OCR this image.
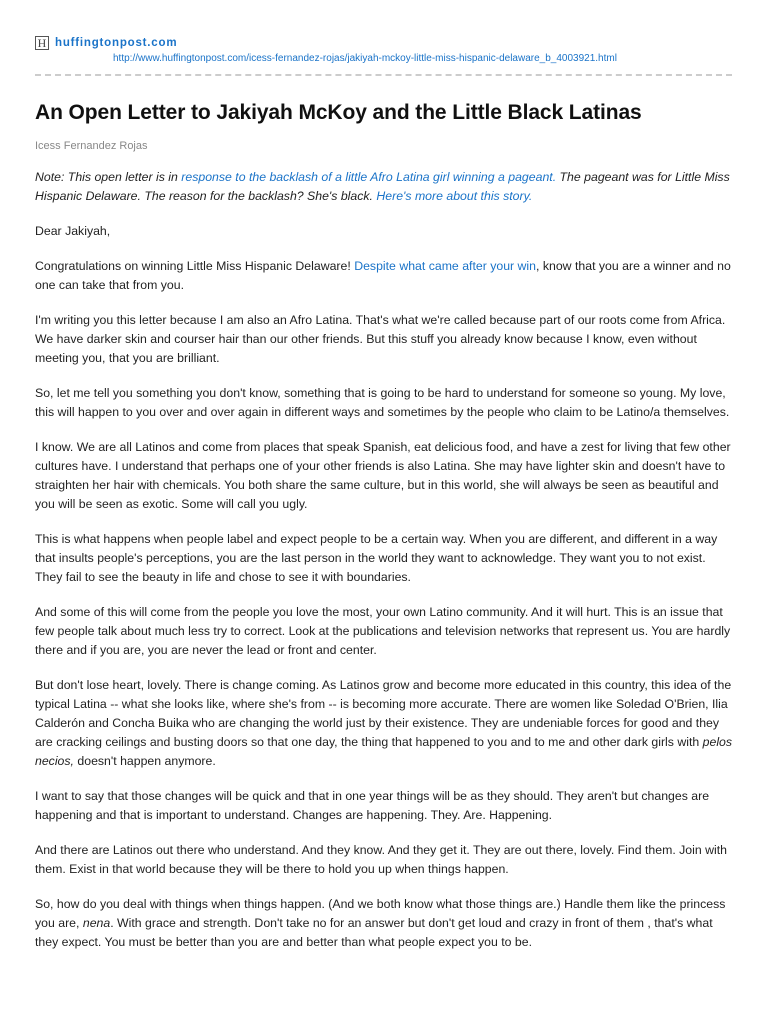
H huffingtonpost.com
http://www.huffingtonpost.com/icess-fernandez-rojas/jakiyah-mckoy-little-miss-hispanic-delaware_b_4003921.html
An Open Letter to Jakiyah McKoy and the Little Black Latinas
Icess Fernandez Rojas

Note: This open letter is in response to the backlash of a little Afro Latina girl winning a pageant. The pageant was for Little Miss Hispanic Delaware. The reason for the backlash? She's black. Here's more about this story.

Dear Jakiyah,

Congratulations on winning Little Miss Hispanic Delaware! Despite what came after your win, know that you are a winner and no one can take that from you.

I'm writing you this letter because I am also an Afro Latina. That's what we're called because part of our roots come from Africa. We have darker skin and courser hair than our other friends. But this stuff you already know because I know, even without meeting you, that you are brilliant.

So, let me tell you something you don't know, something that is going to be hard to understand for someone so young. My love, this will happen to you over and over again in different ways and sometimes by the people who claim to be Latino/a themselves.

I know. We are all Latinos and come from places that speak Spanish, eat delicious food, and have a zest for living that few other cultures have. I understand that perhaps one of your other friends is also Latina. She may have lighter skin and doesn't have to straighten her hair with chemicals. You both share the same culture, but in this world, she will always be seen as beautiful and you will be seen as exotic. Some will call you ugly.

This is what happens when people label and expect people to be a certain way. When you are different, and different in a way that insults people's perceptions, you are the last person in the world they want to acknowledge. They want you to not exist. They fail to see the beauty in life and chose to see it with boundaries.

And some of this will come from the people you love the most, your own Latino community. And it will hurt. This is an issue that few people talk about much less try to correct. Look at the publications and television networks that represent us. You are hardly there and if you are, you are never the lead or front and center.

But don't lose heart, lovely. There is change coming. As Latinos grow and become more educated in this country, this idea of the typical Latina -- what she looks like, where she's from -- is becoming more accurate. There are women like Soledad O'Brien, Ilia Calderón and Concha Buika who are changing the world just by their existence. They are undeniable forces for good and they are cracking ceilings and busting doors so that one day, the thing that happened to you and to me and other dark girls with pelos necios, doesn't happen anymore.

I want to say that those changes will be quick and that in one year things will be as they should. They aren't but changes are happening and that is important to understand. Changes are happening. They. Are. Happening.

And there are Latinos out there who understand. And they know. And they get it. They are out there, lovely. Find them. Join with them. Exist in that world because they will be there to hold you up when things happen.

So, how do you deal with things when things happen. (And we both know what those things are.) Handle them like the princess you are, nena. With grace and strength. Don't take no for an answer but don't get loud and crazy in front of them , that's what they expect. You must be better than you are and better than what people expect you to be.
